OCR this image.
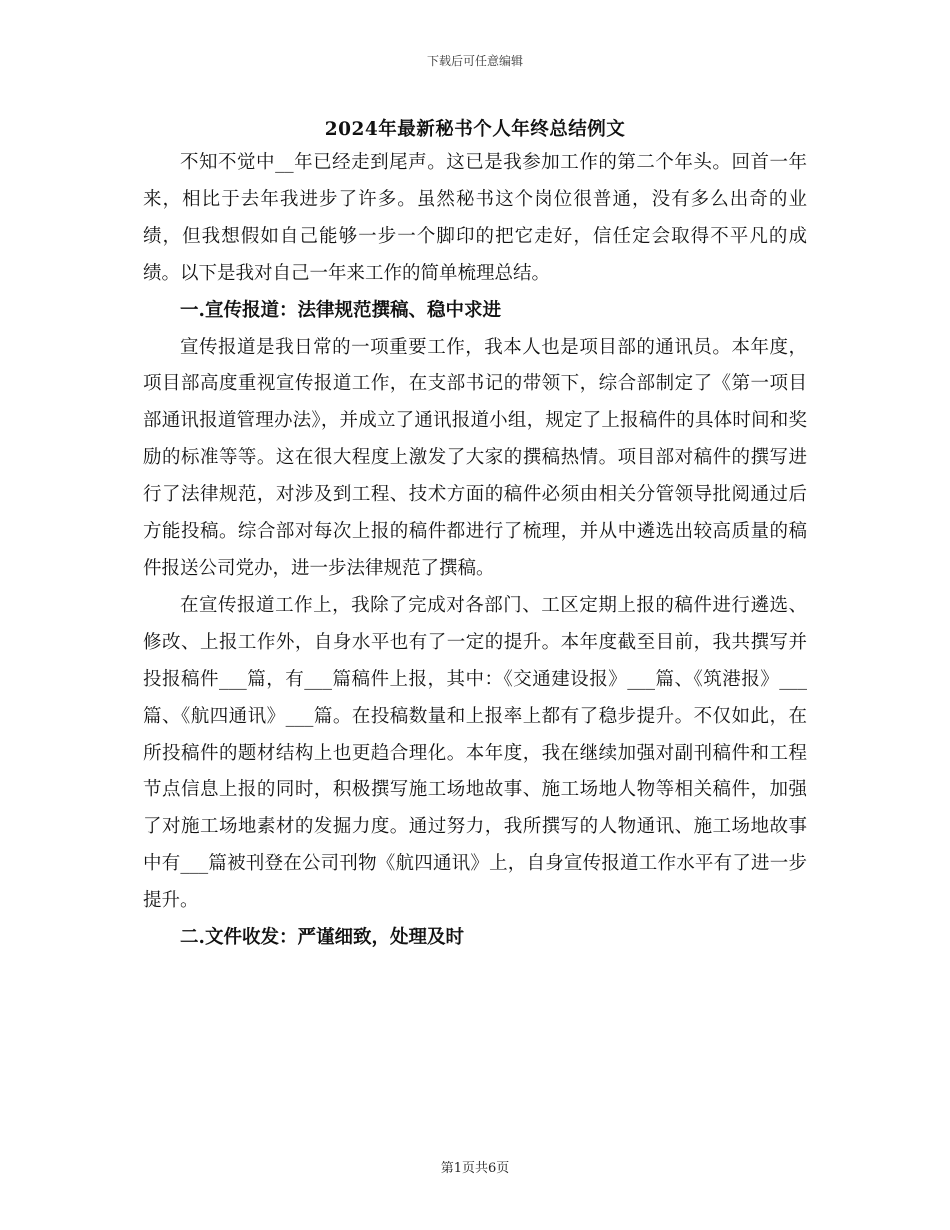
下载后可任意编辑
2024年最新秘书个人年终总结例文

不知不觉中__年已经走到尾声。这已是我参加工作的第二个年头。回首一年来，相比于去年我进步了许多。虽然秘书这个岗位很普通，没有多么出奇的业绩，但我想假如自己能够一步一个脚印的把它走好，信任定会取得不平凡的成绩。以下是我对自己一年来工作的简单梳理总结。

一.宣传报道：法律规范撰稿、稳中求进

宣传报道是我日常的一项重要工作，我本人也是项目部的通讯员。本年度，项目部高度重视宣传报道工作，在支部书记的带领下，综合部制定了《第一项目部通讯报道管理办法》，并成立了通讯报道小组，规定了上报稿件的具体时间和奖励的标准等等。这在很大程度上激发了大家的撰稿热情。项目部对稿件的撰写进行了法律规范，对涉及到工程、技术方面的稿件必须由相关分管领导批阅通过后方能投稿。综合部对每次上报的稿件都进行了梳理，并从中遴选出较高质量的稿件报送公司党办，进一步法律规范了撰稿。

在宣传报道工作上，我除了完成对各部门、工区定期上报的稿件进行遴选、修改、上报工作外，自身水平也有了一定的提升。本年度截至目前，我共撰写并投报稿件___篇，有___篇稿件上报，其中：《交通建设报》___篇、《筑港报》___篇、《航四通讯》___篇。在投稿数量和上报率上都有了稳步提升。不仅如此，在所投稿件的题材结构上也更趋合理化。本年度，我在继续加强对副刊稿件和工程节点信息上报的同时，积极撰写施工场地故事、施工场地人物等相关稿件，加强了对施工场地素材的发掘力度。通过努力，我所撰写的人物通讯、施工场地故事中有___篇被刊登在公司刊物《航四通讯》上，自身宣传报道工作水平有了进一步提升。

二.文件收发：严谨细致，处理及时

第1页共6页
